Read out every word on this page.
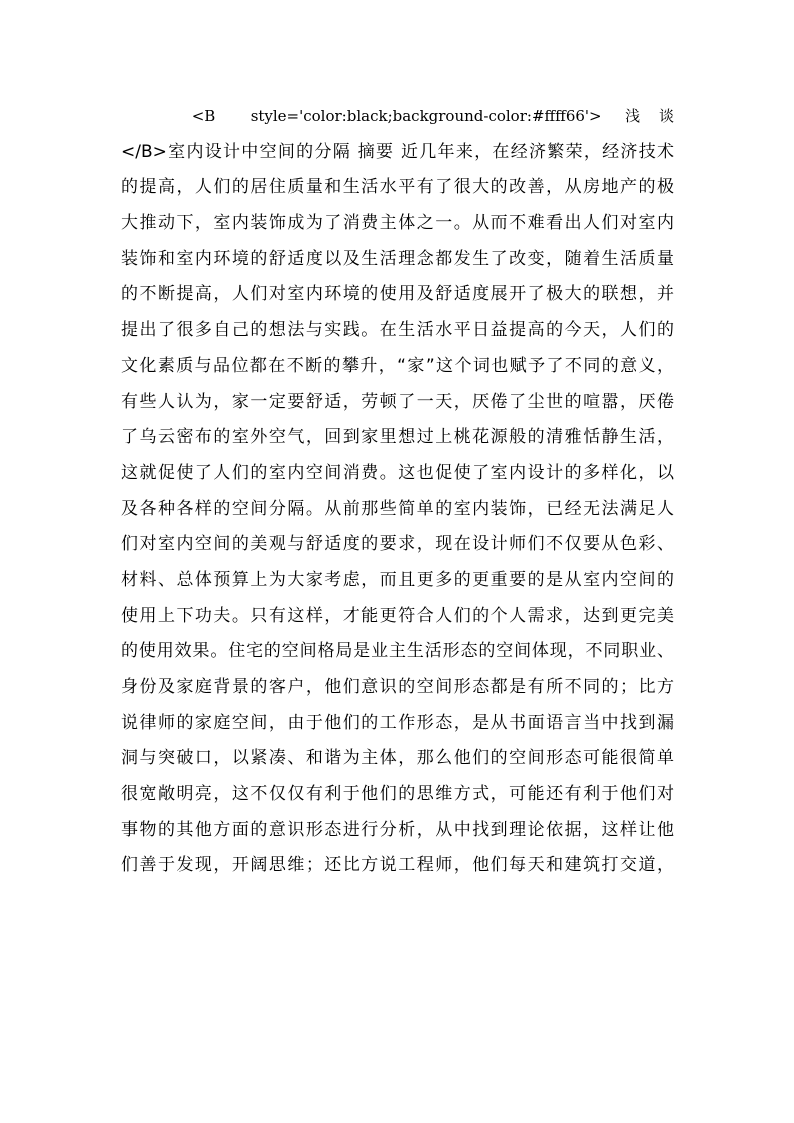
<B   style='color:black;background-color:#ffff66'>  浅 谈
</B>室内设计中空间的分隔 摘要 近几年来，在经济繁荣，经济技术
的提高，人们的居住质量和生活水平有了很大的改善，从房地产的极
大推动下，室内装饰成为了消费主体之一。从而不难看出人们对室内
装饰和室内环境的舒适度以及生活理念都发生了改变，随着生活质量
的不断提高，人们对室内环境的使用及舒适度展开了极大的联想，并
提出了很多自己的想法与实践。在生活水平日益提高的今天，人们的
文化素质与品位都在不断的攀升，“家”这个词也赋予了不同的意义，
有些人认为，家一定要舒适，劳顿了一天，厌倦了尘世的喧嚣，厌倦
了乌云密布的室外空气，回到家里想过上桃花源般的清雅恬静生活，
这就促使了人们的室内空间消费。这也促使了室内设计的多样化，以
及各种各样的空间分隔。从前那些简单的室内装饰，已经无法满足人
们对室内空间的美观与舒适度的要求，现在设计师们不仅要从色彩、
材料、总体预算上为大家考虑，而且更多的更重要的是从室内空间的
使用上下功夫。只有这样，才能更符合人们的个人需求，达到更完美
的使用效果。住宅的空间格局是业主生活形态的空间体现，不同职业、
身份及家庭背景的客户，他们意识的空间形态都是有所不同的；比方
说律师的家庭空间，由于他们的工作形态，是从书面语言当中找到漏
洞与突破口，以紧凑、和谐为主体，那么他们的空间形态可能很简单
很宽敞明亮，这不仅仅有利于他们的思维方式，可能还有利于他们对
事物的其他方面的意识形态进行分析，从中找到理论依据，这样让他
们善于发现，开阔思维；还比方说工程师，他们每天和建筑打交道，
